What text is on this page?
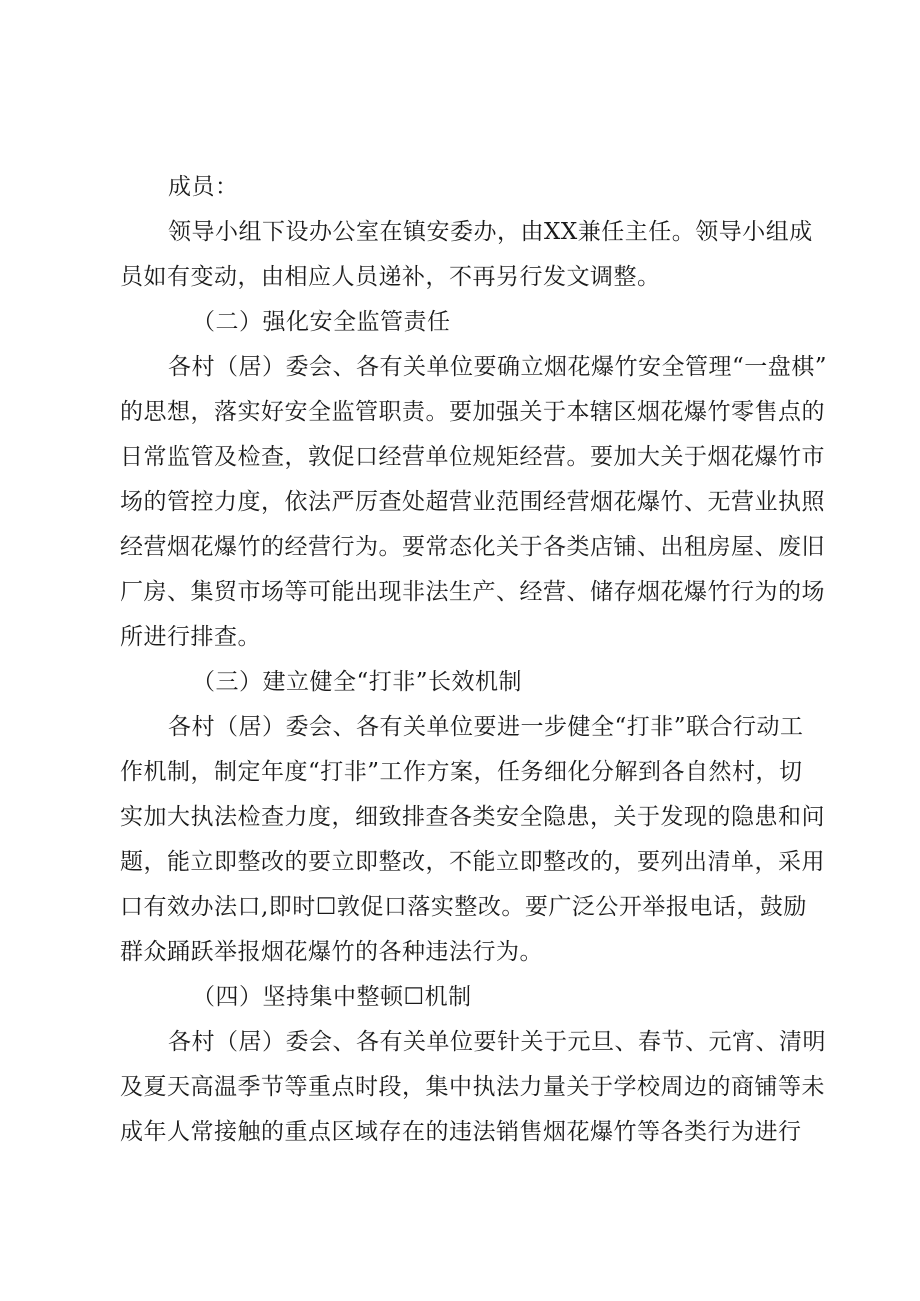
成员：
领导小组下设办公室在镇安委办，由XX兼任主任。领导小组成
员如有变动，由相应人员递补，不再另行发文调整。
（二）强化安全监管责任
各村（居）委会、各有关单位要确立烟花爆竹安全管理“一盘棋”
的思想，落实好安全监管职责。要加强关于本辖区烟花爆竹零售点的
日常监管及检查，敦促口经营单位规矩经营。要加大关于烟花爆竹市
场的管控力度，依法严厉查处超营业范围经营烟花爆竹、无营业执照
经营烟花爆竹的经营行为。要常态化关于各类店铺、出租房屋、废旧
厂房、集贸市场等可能出现非法生产、经营、储存烟花爆竹行为的场
所进行排查。
（三）建立健全“打非”长效机制
各村（居）委会、各有关单位要进一步健全“打非”联合行动工
作机制，制定年度“打非”工作方案，任务细化分解到各自然村，切
实加大执法检查力度，细致排查各类安全隐患，关于发现的隐患和问
题，能立即整改的要立即整改，不能立即整改的，要列出清单，采用
口有效办法口,即时☐敦促口落实整改。要广泛公开举报电话，鼓励
群众踊跃举报烟花爆竹的各种违法行为。
（四）坚持集中整顿☐机制
各村（居）委会、各有关单位要针关于元旦、春节、元宵、清明
及夏天高温季节等重点时段，集中执法力量关于学校周边的商铺等未
成年人常接触的重点区域存在的违法销售烟花爆竹等各类行为进行
